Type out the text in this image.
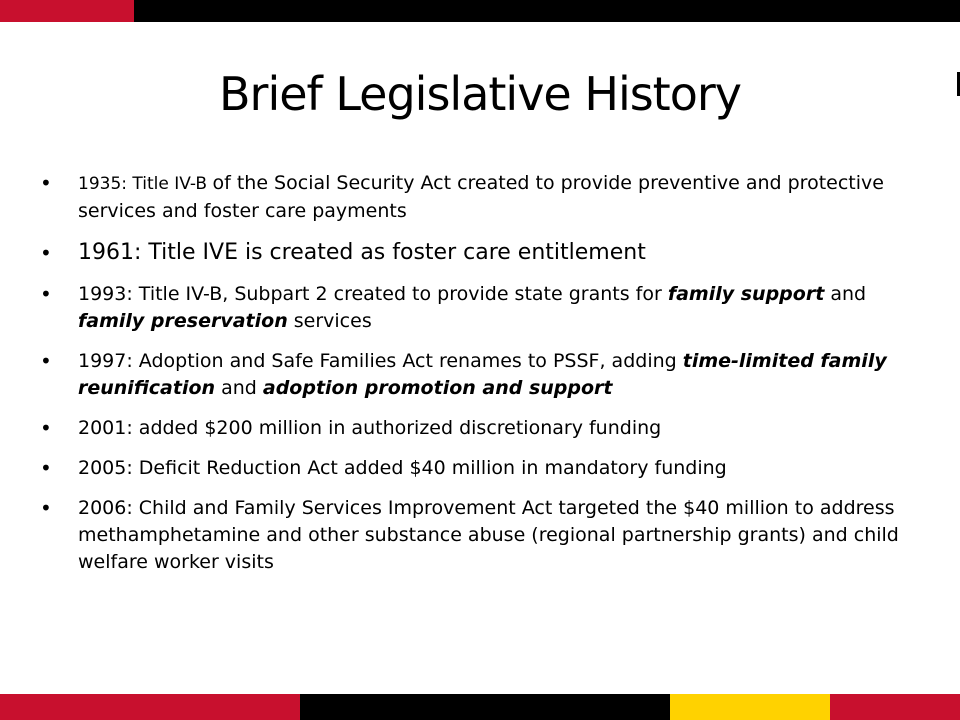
Brief Legislative History
• 1935: Title IV-B of the Social Security Act created to provide preventive and protective services and foster care payments
• 1961: Title IVE is created as foster care entitlement
• 1993: Title IV-B, Subpart 2 created to provide state grants for family support and family preservation services
• 1997: Adoption and Safe Families Act renames to PSSF, adding time-limited family reunification and adoption promotion and support
• 2001: added $200 million in authorized discretionary funding
• 2005: Deficit Reduction Act added $40 million in mandatory funding
• 2006: Child and Family Services Improvement Act targeted the $40 million to address methamphetamine and other substance abuse (regional partnership grants) and child welfare worker visits
